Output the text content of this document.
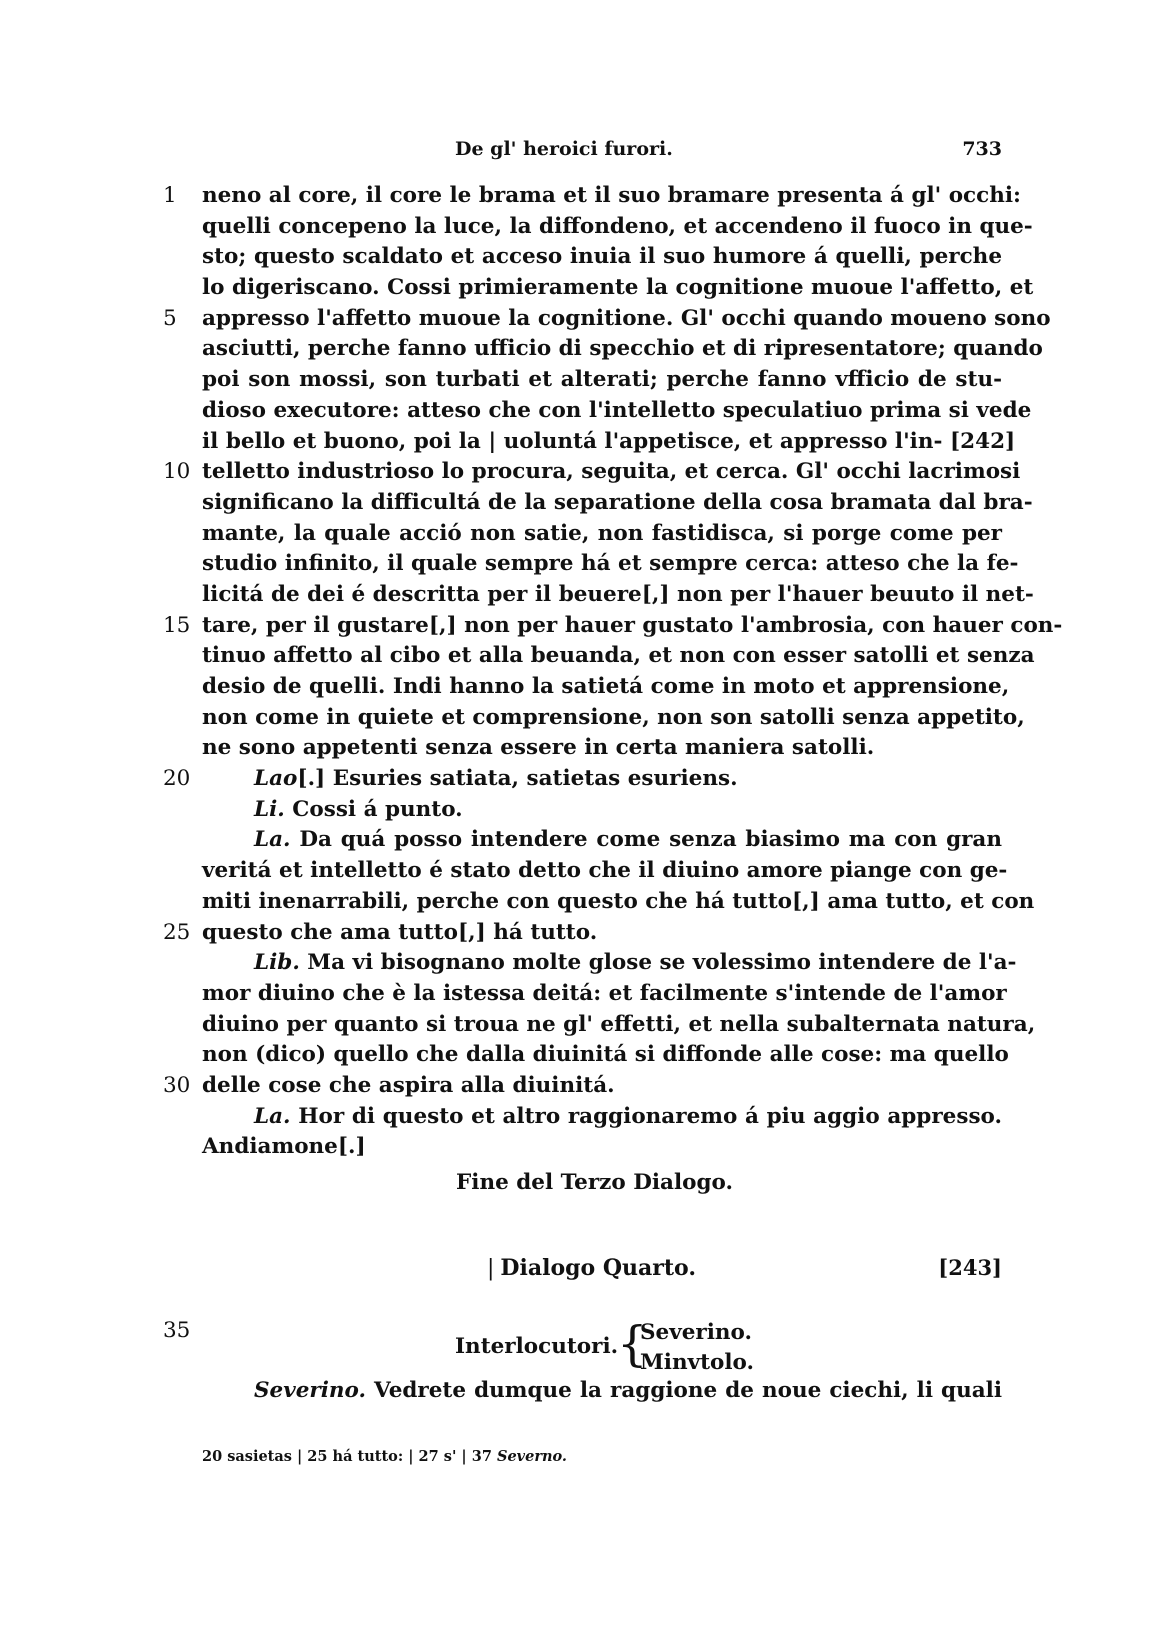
De gl' heroici furori.	733
1	neno al core, il core le brama et il suo bramare presenta á gl' occhi:
quelli concepeno la luce, la diffondeno, et accendeno il fuoco in que-
sto; questo scaldato et acceso inuia il suo humore á quelli, perche
lo digeriscano. Cossi primieramente la cognitione muoue l'affetto, et
5	appresso l'affetto muoue la cognitione. Gl' occhi quando moueno sono
asciutti, perche fanno ufficio di specchio et di ripresentatore; quando
poi son mossi, son turbati et alterati; perche fanno vfficio de stu-
dioso executore: atteso che con l'intelletto speculatiuo prima si vede
il bello et buono, poi la | uoluntá l'appetisce, et appresso l'in- [242]
10 telletto industrioso lo procura, seguita, et cerca. Gl' occhi lacrimosi
significano la difficultá de la separatione della cosa bramata dal bra-
mante, la quale acció non satie, non fastidisca, si porge come per
studio infinito, il quale sempre há et sempre cerca: atteso che la fe-
licitá de dei é descritta per il beuere[,] non per l'hauer beuuto il net-
15 tare, per il gustare[,] non per hauer gustato l'ambrosia, con hauer con-
tinuo affetto al cibo et alla beuanda, et non con esser satolli et senza
desio de quelli. Indi hanno la satietá come in moto et apprensione,
non come in quiete et comprensione, non son satolli senza appetito,
ne sono appetenti senza essere in certa maniera satolli.
20	Lao[.] Esuries satiata, satietas esuriens.
Li. Cossi á punto.
La. Da quá posso intendere come senza biasimo ma con gran
veritá et intelletto é stato detto che il diuino amore piange con ge-
miti inenarrabili, perche con questo che há tutto[,] ama tutto, et con
25 questo che ama tutto[,] há tutto.
Lib. Ma vi bisognano molte glose se volessimo intendere de l'a-
mor diuino che è la istessa deitá: et facilmente s'intende de l'amor
diuino per quanto si troua ne gl' effetti, et nella subalternata natura,
non (dico) quello che dalla diuinitá si diffonde alle cose: ma quello
30 delle cose che aspira alla diuinitá.
La. Hor di questo et altro raggionaremo á piu aggio appresso.
Andiamone[.]
Fine del Terzo Dialogo.
| Dialogo Quarto.	[243]
35
Interlocutori.
{
Severino.
Minvtolo.
Severino. Vedrete dumque la raggione de noue ciechi, li quali
20 sasietas | 25 há tutto: | 27 s' | 37 Severno.
